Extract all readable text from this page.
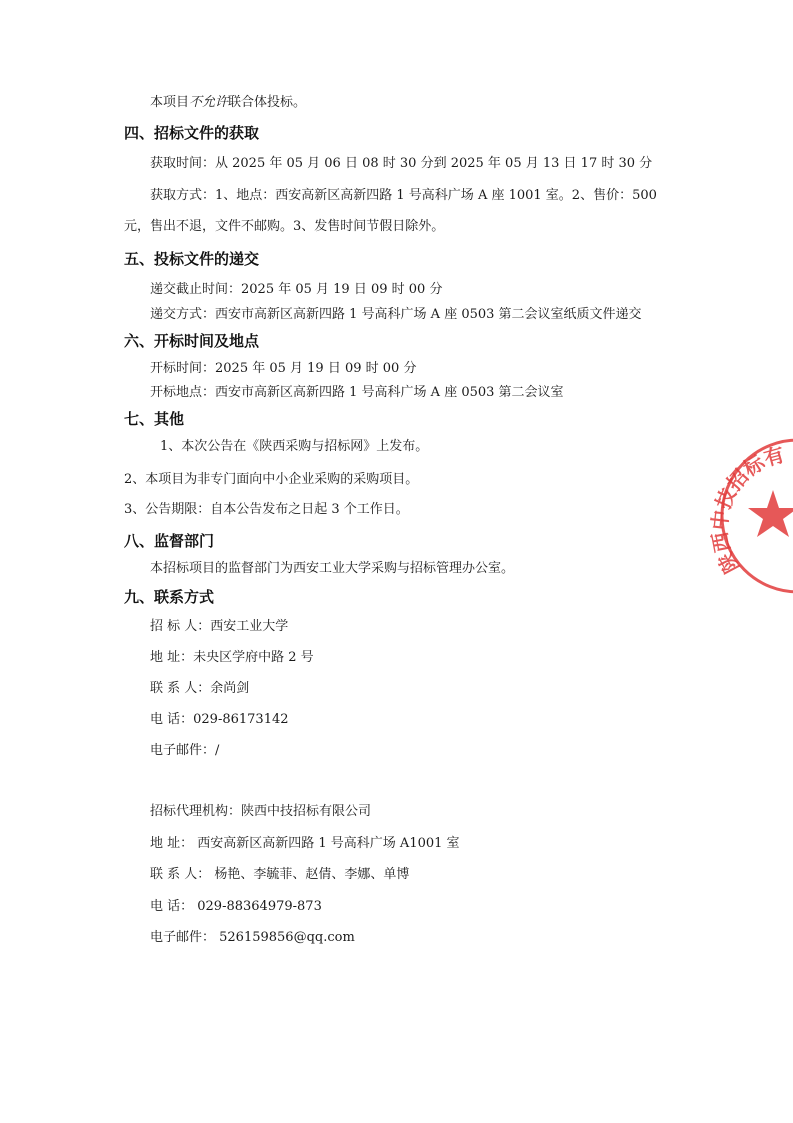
本项目不允许联合体投标。
四、招标文件的获取
获取时间：从 2025 年 05 月 06 日 08 时 30 分到 2025 年 05 月 13 日 17 时 30 分
获取方式：1、地点：西安高新区高新四路 1 号高科广场 A 座 1001 室。2、售价：500
元，售出不退，文件不邮购。3、发售时间节假日除外。
五、投标文件的递交
递交截止时间：2025 年 05 月 19 日 09 时 00 分
递交方式：西安市高新区高新四路 1 号高科广场 A 座 0503 第二会议室纸质文件递交
六、开标时间及地点
开标时间：2025 年 05 月 19 日 09 时 00 分
开标地点：西安市高新区高新四路 1 号高科广场 A 座 0503 第二会议室
七、其他
1、本次公告在《陕西采购与招标网》上发布。
2、本项目为非专门面向中小企业采购的采购项目。
3、公告期限：自本公告发布之日起 3 个工作日。
八、监督部门
本招标项目的监督部门为西安工业大学采购与招标管理办公室。
九、联系方式
招 标 人：西安工业大学
地 址：未央区学府中路 2 号
联 系 人：余尚剑
电 话：029-86173142
电子邮件：/
招标代理机构：陕西中技招标有限公司
地 址： 西安高新区高新四路 1 号高科广场 A1001 室
联 系 人： 杨艳、李毓菲、赵倩、李娜、单博
电 话： 029-88364979-873
电子邮件： 526159856@qq.com
陕西中技招标有
